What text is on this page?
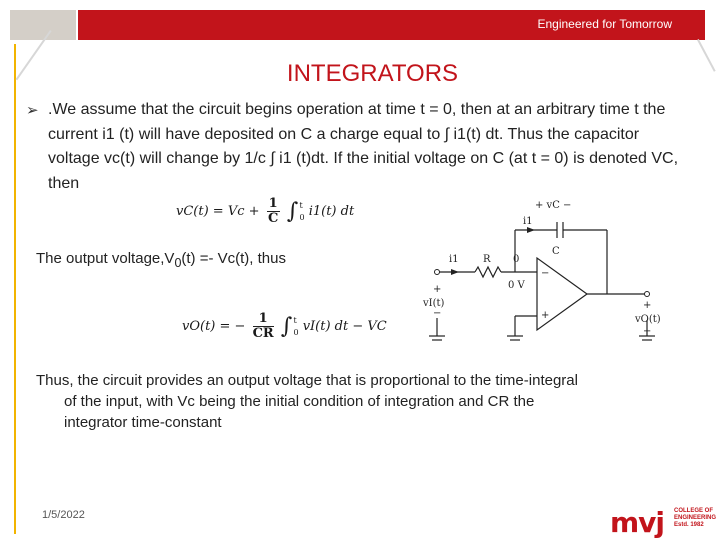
Engineered for Tomorrow
INTEGRATORS
➢ .We assume that the circuit begins operation at time t = 0, then at an arbitrary time t the current i1 (t) will have deposited on C a charge equal to ∫ i1(t) dt. Thus the capacitor voltage vc(t) will change by 1/c ∫ i1 (t)dt. If the initial voltage on C (at t = 0) is denoted VC, then
$vC(t) = Vc + \frac{1}{C}$ ∫ t
0 i1(t) dt
The output $voltage,V_0(t) =- Vc(t)$, thus
vO(t) = − $\frac{1}{CR}$ ∫ t
0 vI(t) dt − VC
+ vC −
i1
C
i1 R 0
0 V
+
vI(t)
−
−
+
+
vO(t)
−
Thus, the circuit provides an output voltage that is proportional to the time-integral
of the input, with Vc being the initial condition of integration and CR the
integrator time-constant
1/5/2022	mvj COLLEGE OF
ENGINEERING
Estd. 1982
